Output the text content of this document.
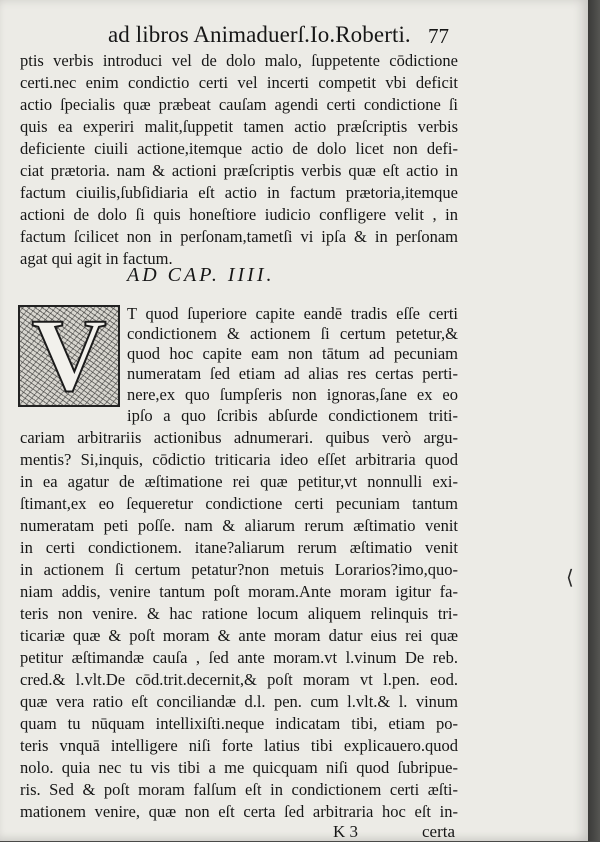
ad libros Animaduerſ.Io.Roberti. 77
ptis verbis introduci vel de dolo malo, ſuppetente cōdictione
certi.nec enim condictio certi vel incerti competit vbi deficit
actio ſpecialis quæ præbeat cauſam agendi certi condictione ſi
quis ea experiri malit,ſuppetit tamen actio præſcriptis verbis
deficiente ciuili actione,itemque actio de dolo licet non defi-
ciat prætoria. nam & actioni præſcriptis verbis quæ eſt actio in
factum ciuilis,ſubſidiaria eſt actio in factum prætoria,itemque
actioni de dolo ſi quis honeſtiore iudicio confligere velit , in
factum ſcilicet non in perſonam,tametſi vi ipſa & in perſonam
agat qui agit in factum.
AD CAP. IIII.
V	T quod ſuperiore capite eandē tradis eſſe certi
condictionem & actionem ſi certum petetur,&
quod hoc capite eam non tātum ad pecuniam
numeratam ſed etiam ad alias res certas perti-
nere,ex quo ſumpſeris non ignoras,ſane ex eo
ipſo a quo ſcribis abſurde condictionem triti-
cariam arbitrariis actionibus adnumerari. quibus verò argu-
mentis? Si,inquis, cōdictio triticaria ideo eſſet arbitraria quod
in ea agatur de æſtimatione rei quæ petitur,vt nonnulli exi-
ſtimant,ex eo ſequeretur condictione certi pecuniam tantum
numeratam peti poſſe. nam & aliarum rerum æſtimatio venit
in certi condictionem. itane?aliarum rerum æſtimatio venit
in actionem ſi certum petatur?non metuis Lorarios?imo,quo-
niam addis, venire tantum poſt moram.Ante moram igitur fa-
teris non venire. & hac ratione locum aliquem relinquis tri-
ticariæ quæ & poſt moram & ante moram datur eius rei quæ
petitur æſtimandæ cauſa , ſed ante moram.vt l.vinum De reb.
cred.& l.vlt.De cōd.trit.decernit,& poſt moram vt l.pen. eod.
quæ vera ratio eſt conciliandæ d.l. pen. cum l.vlt.& l. vinum
quam tu nūquam intellixiſti.neque indicatam tibi, etiam po-
teris vnquā intelligere niſi forte latius tibi explicauero.quod
nolo. quia nec tu vis tibi a me quicquam niſi quod ſubripue-
ris. Sed & poſt moram falſum eſt in condictionem certi æſti-
mationem venire, quæ non eſt certa ſed arbitraria hoc eſt in-
K 3	certa
⟨
